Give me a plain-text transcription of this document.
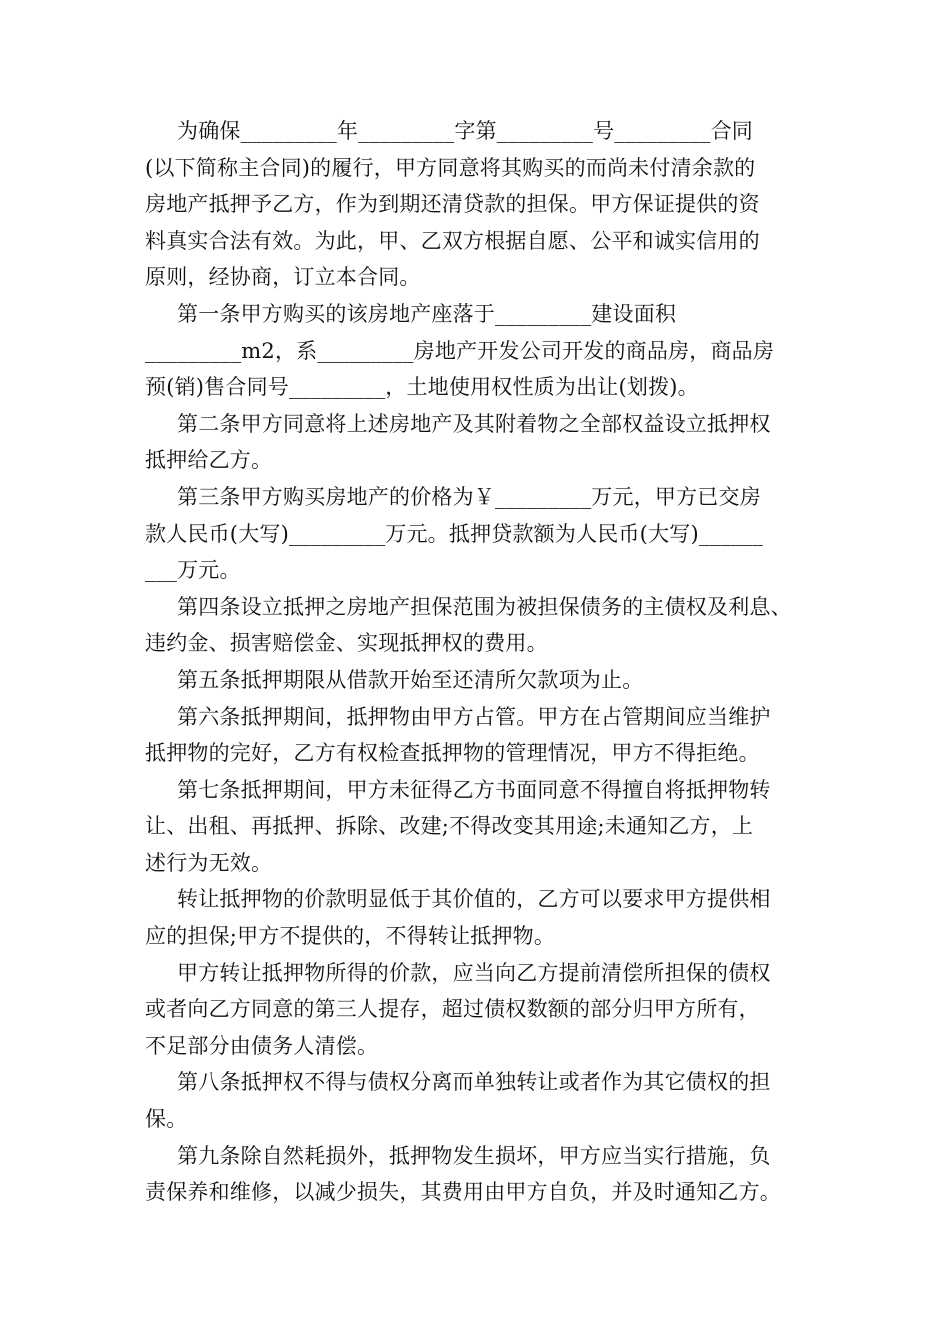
为确保_________年_________字第_________号_________合同
(以下简称主合同)的履行，甲方同意将其购买的而尚未付清余款的
房地产抵押予乙方，作为到期还清贷款的担保。甲方保证提供的资
料真实合法有效。为此，甲、乙双方根据自愿、公平和诚实信用的
原则，经协商，订立本合同。
第一条甲方购买的该房地产座落于_________建设面积
_________m2，系_________房地产开发公司开发的商品房，商品房
预(销)售合同号_________，土地使用权性质为出让(划拨)。
第二条甲方同意将上述房地产及其附着物之全部权益设立抵押权
抵押给乙方。
第三条甲方购买房地产的价格为￥_________万元，甲方已交房
款人民币(大写)_________万元。抵押贷款额为人民币(大写)______
___万元。
第四条设立抵押之房地产担保范围为被担保债务的主债权及利息、
违约金、损害赔偿金、实现抵押权的费用。
第五条抵押期限从借款开始至还清所欠款项为止。
第六条抵押期间，抵押物由甲方占管。甲方在占管期间应当维护
抵押物的完好，乙方有权检查抵押物的管理情况，甲方不得拒绝。
第七条抵押期间，甲方未征得乙方书面同意不得擅自将抵押物转
让、出租、再抵押、拆除、改建;不得改变其用途;未通知乙方，上
述行为无效。
转让抵押物的价款明显低于其价值的，乙方可以要求甲方提供相
应的担保;甲方不提供的，不得转让抵押物。
甲方转让抵押物所得的价款，应当向乙方提前清偿所担保的债权
或者向乙方同意的第三人提存，超过债权数额的部分归甲方所有，
不足部分由债务人清偿。
第八条抵押权不得与债权分离而单独转让或者作为其它债权的担
保。
第九条除自然耗损外，抵押物发生损坏，甲方应当实行措施，负
责保养和维修，以减少损失，其费用由甲方自负，并及时通知乙方。
